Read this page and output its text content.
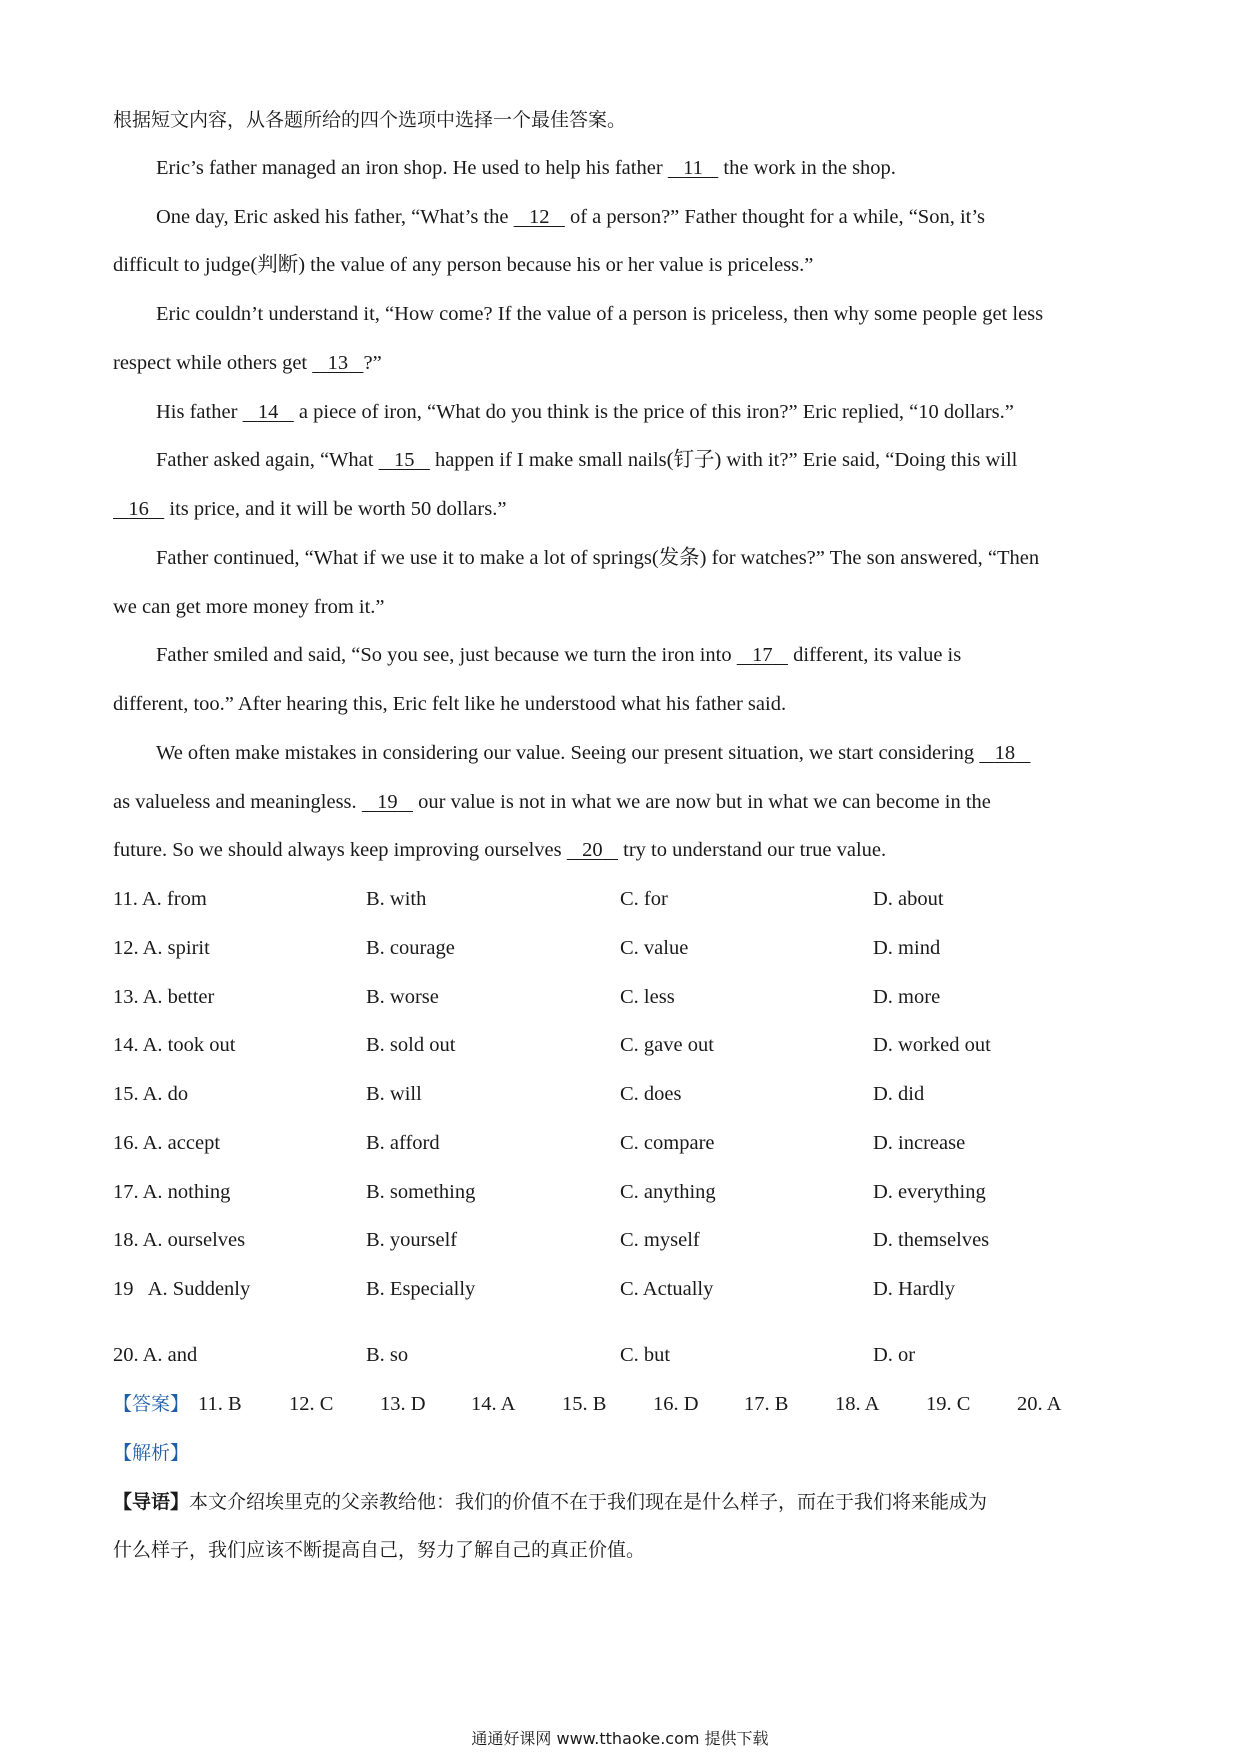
根据短文内容，从各题所给的四个选项中选择一个最佳答案。
Eric’s father managed an iron shop. He used to help his father    11    the work in the shop.
One day, Eric asked his father, “What’s the    12    of a person?” Father thought for a while, “Son, it’s
difficult to judge(判断) the value of any person because his or her value is priceless.”
Eric couldn’t understand it, “How come? If the value of a person is priceless, then why some people get less
respect while others get    13 ?”
His father    14    a piece of iron, “What do you think is the price of this iron?” Eric replied, “10 dollars.”
Father asked again, “What    15    happen if I make small nails(钉子) with it?” Erie said, “Doing this will
16    its price, and it will be worth 50 dollars.”
Father continued, “What if we use it to make a lot of springs(发条) for watches?” The son answered, “Then
we can get more money from it.”
Father smiled and said, “So you see, just because we turn the iron into    17    different, its value is
different, too.” After hearing this, Eric felt like he understood what his father said.
We often make mistakes in considering our value. Seeing our present situation, we start considering    18
as valueless and meaningless.    19    our value is not in what we are now but in what we can become in the
future. So we should always keep improving ourselves    20    try to understand our true value.
11. A. from	B. with	C. for	D. about
12. A. spirit	B. courage	C. value	D. mind
13. A. better	B. worse	C. less	D. more
14. A. took out	B. sold out	C. gave out	D. worked out
15. A. do	B. will	C. does	D. did
16. A. accept	B. afford	C. compare	D. increase
17. A. nothing	B. something	C. anything	D. everything
18. A. ourselves	B. yourself	C. myself	D. themselves
19   A. Suddenly	B. Especially	C. Actually	D. Hardly
20. A. and	B. so	C. but	D. or
【答案】 11. B 12. C 13. D 14. A 15. B 16. D 17. B 18. A 19. C 20. A
【解析】
【导语】本文介绍埃里克的父亲教给他：我们的价值不在于我们现在是什么样子，而在于我们将来能成为
什么样子，我们应该不断提高自己，努力了解自己的真正价值。
通通好课网 www.tthaoke.com 提供下载
